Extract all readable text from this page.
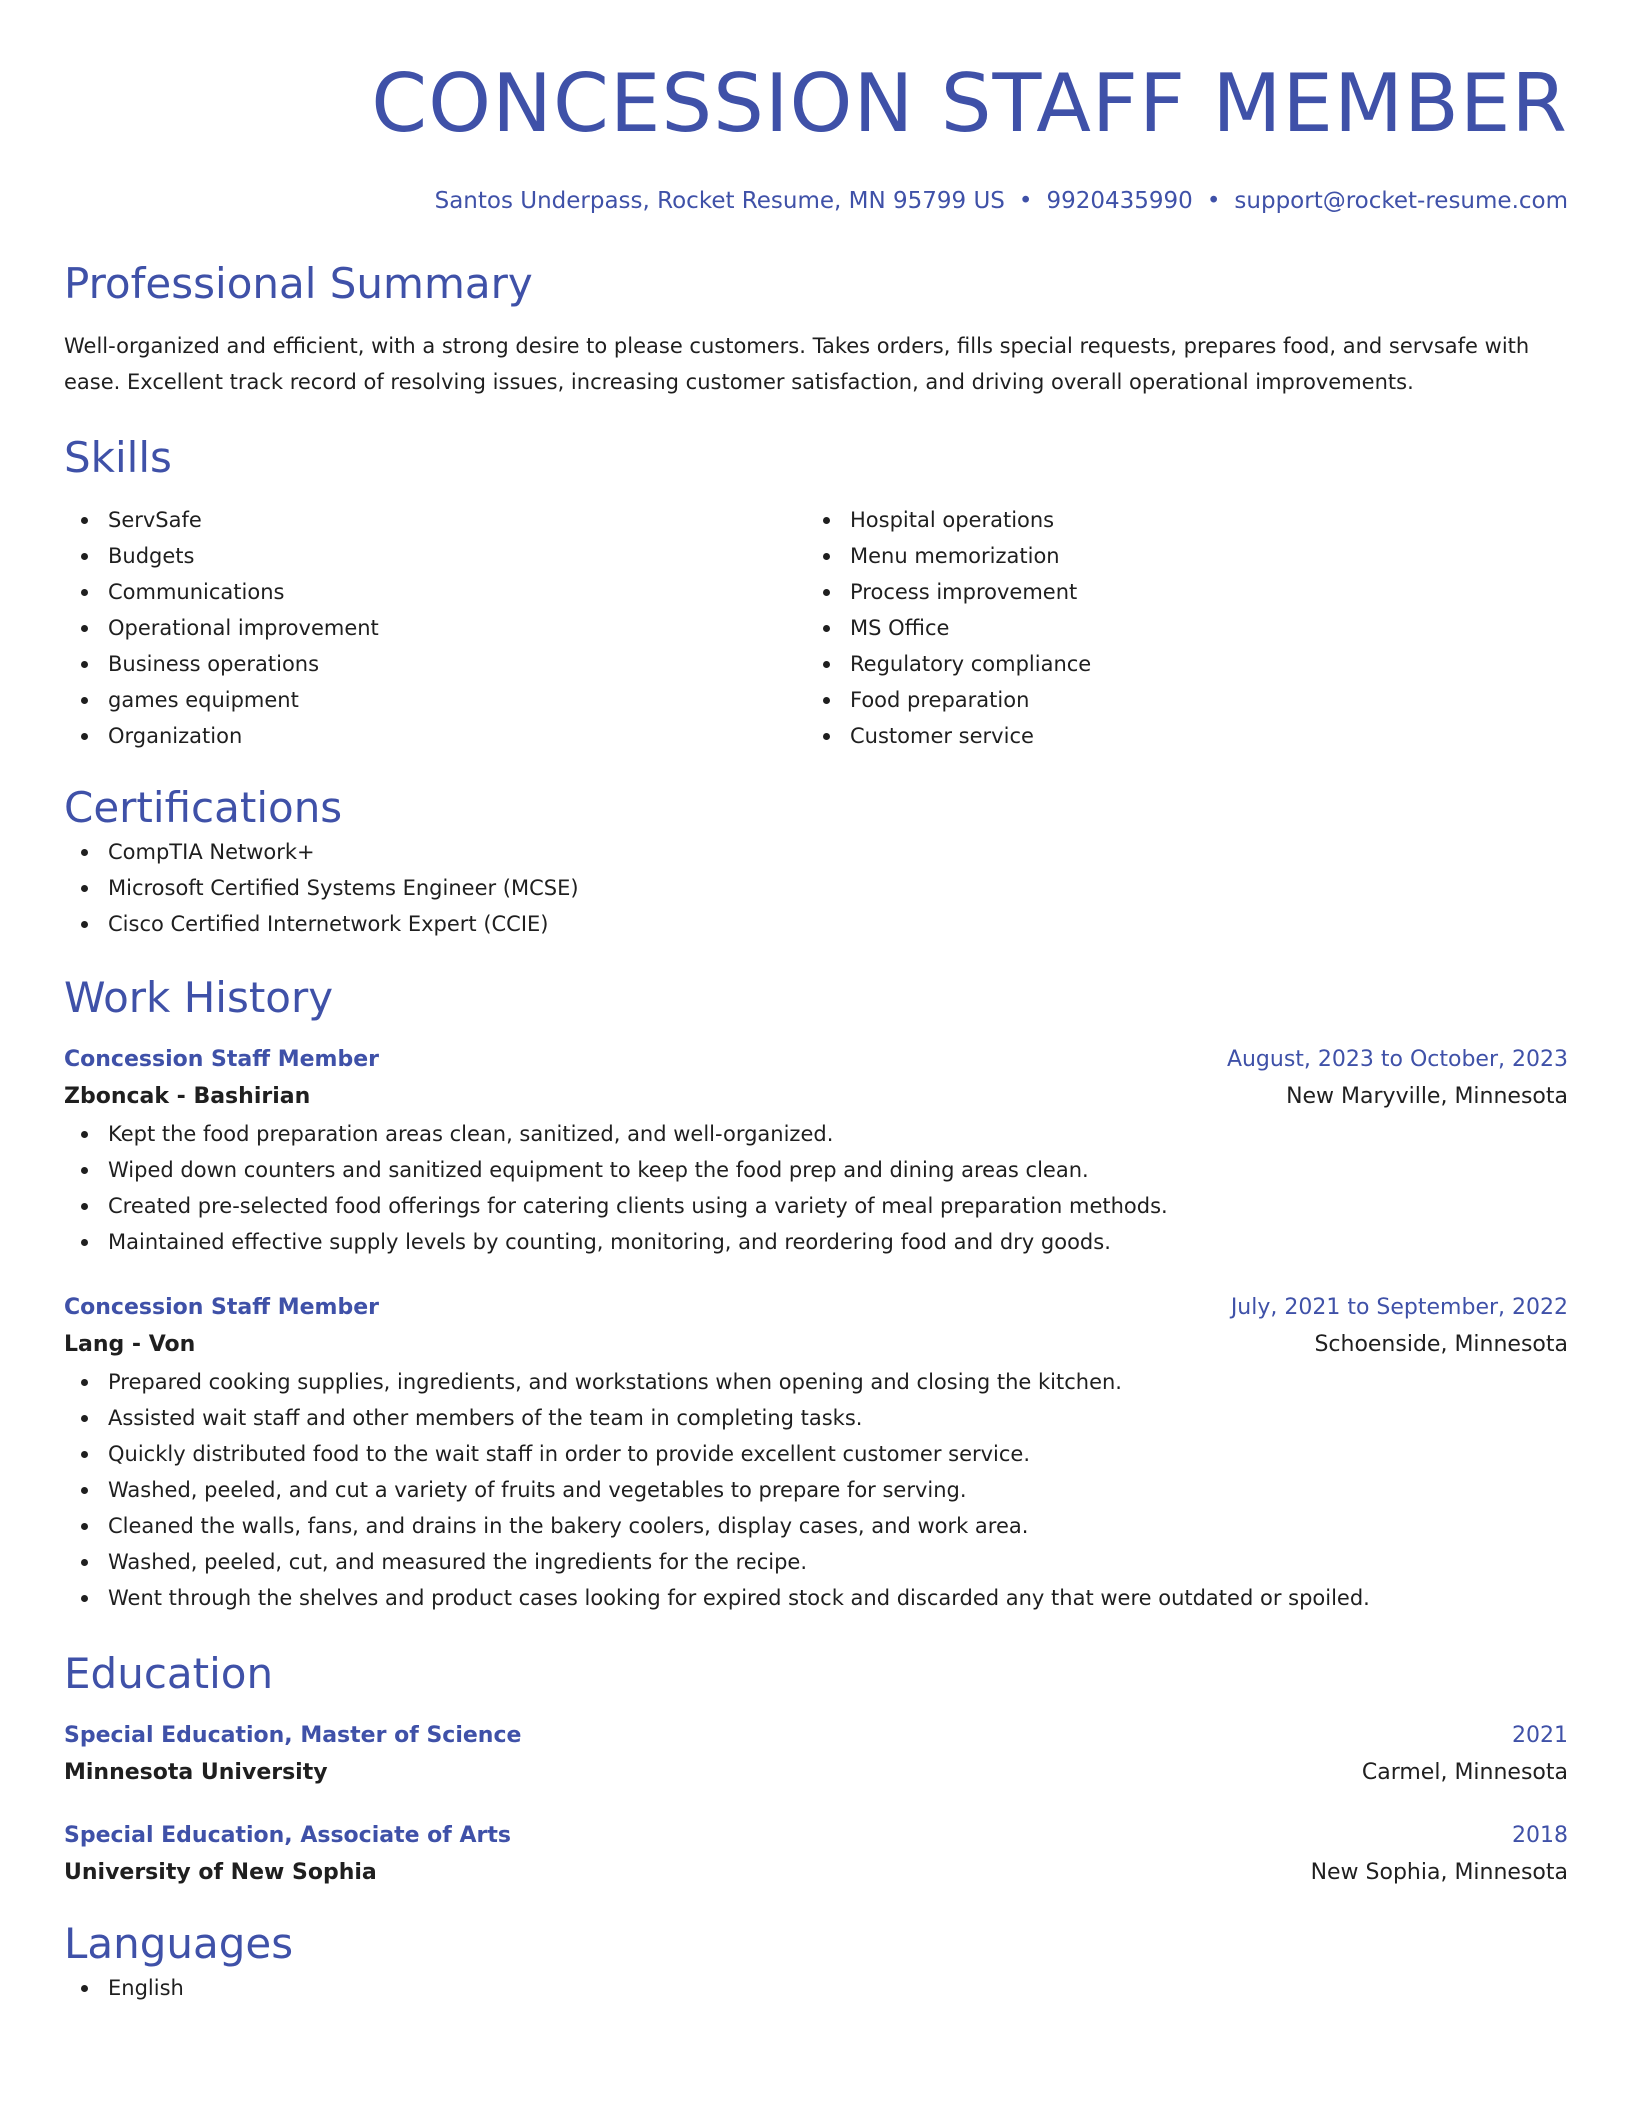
CONCESSION STAFF MEMBER
Santos Underpass, Rocket Resume, MN 95799 US • 9920435990 • support@rocket-resume.com
Professional Summary

Well-organized and efficient, with a strong desire to please customers. Takes orders, fills special requests, prepares food, and servsafe with ease. Excellent track record of resolving issues, increasing customer satisfaction, and driving overall operational improvements.

Skills
ServSafe
Budgets
Communications
Operational improvement
Business operations
games equipment
Organization
Hospital operations
Menu memorization
Process improvement
MS Office
Regulatory compliance
Food preparation
Customer service
Certifications
CompTIA Network+
Microsoft Certified Systems Engineer (MCSE)
Cisco Certified Internetwork Expert (CCIE)
Work History
Concession Staff Member	August, 2023 to October, 2023
Zboncak - Bashirian	New Maryville, Minnesota
Kept the food preparation areas clean, sanitized, and well-organized.
Wiped down counters and sanitized equipment to keep the food prep and dining areas clean.
Created pre-selected food offerings for catering clients using a variety of meal preparation methods.
Maintained effective supply levels by counting, monitoring, and reordering food and dry goods.
Concession Staff Member	July, 2021 to September, 2022
Lang - Von	Schoenside, Minnesota
Prepared cooking supplies, ingredients, and workstations when opening and closing the kitchen.
Assisted wait staff and other members of the team in completing tasks.
Quickly distributed food to the wait staff in order to provide excellent customer service.
Washed, peeled, and cut a variety of fruits and vegetables to prepare for serving.
Cleaned the walls, fans, and drains in the bakery coolers, display cases, and work area.
Washed, peeled, cut, and measured the ingredients for the recipe.
Went through the shelves and product cases looking for expired stock and discarded any that were outdated or spoiled.
Education
Special Education, Master of Science	2021
Minnesota University	Carmel, Minnesota
Special Education, Associate of Arts	2018
University of New Sophia	New Sophia, Minnesota
Languages
English
